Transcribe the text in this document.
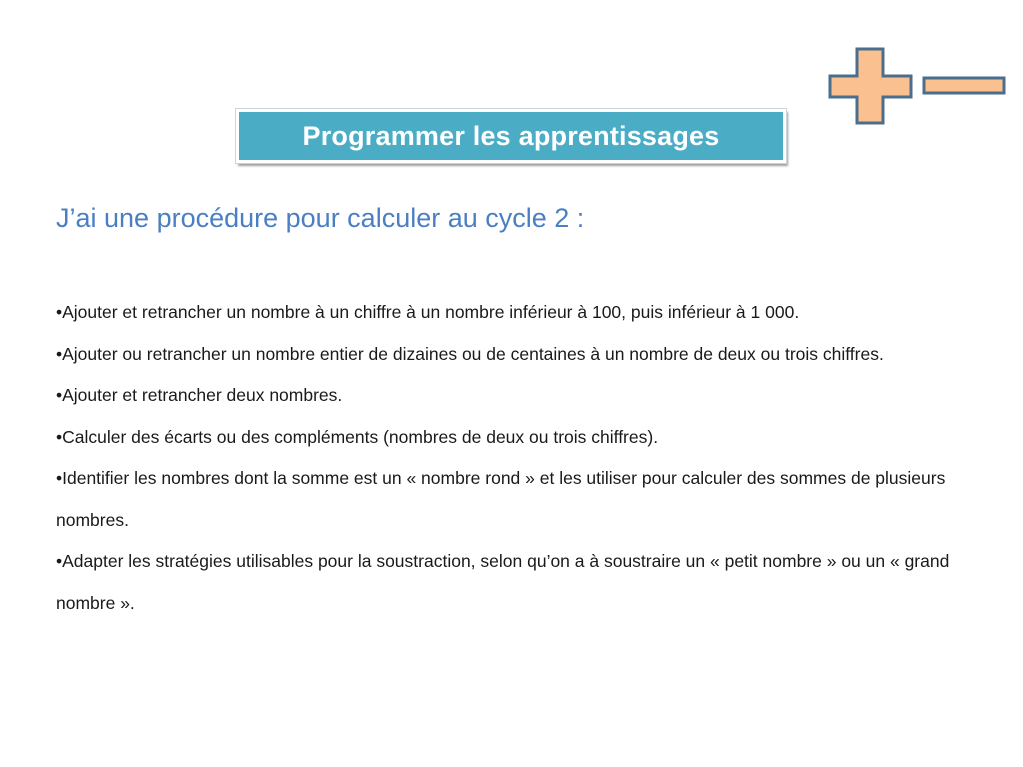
Programmer les apprentissages
J’ai une procédure pour calculer au cycle 2 :
•Ajouter et retrancher un nombre à un chiffre à un nombre inférieur à 100, puis inférieur à 1 000.
•Ajouter ou retrancher un nombre entier de dizaines ou de centaines à un nombre de deux ou trois chiffres.
•Ajouter et retrancher deux nombres.
•Calculer des écarts ou des compléments (nombres de deux ou trois chiffres).
•Identifier les nombres dont la somme est un « nombre rond » et les utiliser pour calculer des sommes de plusieurs nombres.
•Adapter les stratégies utilisables pour la soustraction, selon qu’on a à soustraire un « petit nombre » ou un « grand nombre ».
